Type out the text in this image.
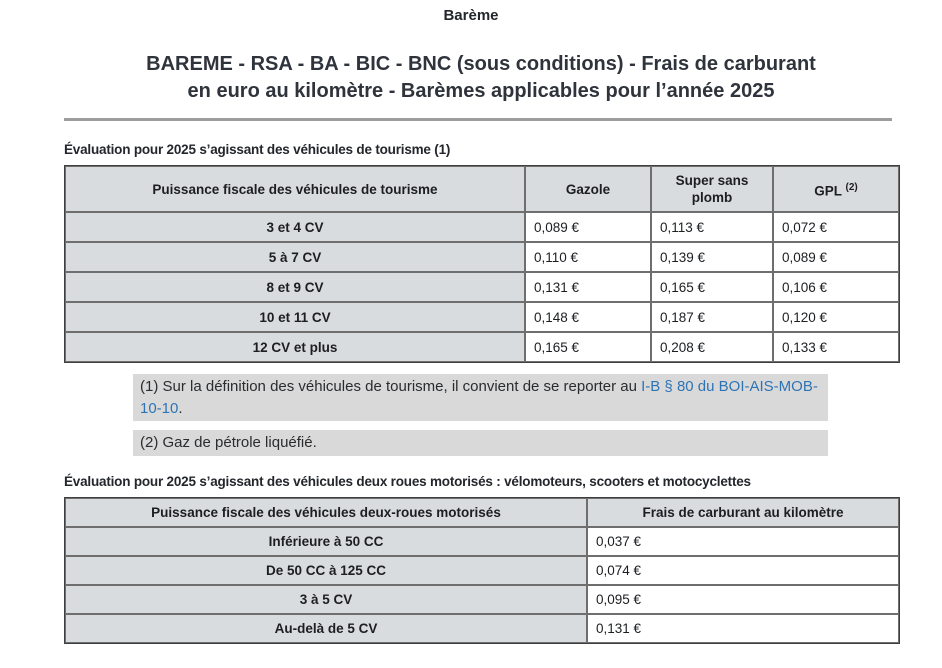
Barème
BAREME - RSA - BA - BIC - BNC (sous conditions) - Frais de carburant
en euro au kilomètre - Barèmes applicables pour l’année 2025
Évaluation pour 2025 s’agissant des véhicules de tourisme (1)
Puissance fiscale des véhicules de tourisme	Gazole	Super sans plomb	GPL $^{(2)}$
3 et 4 CV	0,089 €	0,113 €	0,072 €
5 à 7 CV	0,110 €	0,139 €	0,089 €
8 et 9 CV	0,131 €	0,165 €	0,106 €
10 et 11 CV	0,148 €	0,187 €	0,120 €
12 CV et plus	0,165 €	0,208 €	0,133 €
(1) Sur la définition des véhicules de tourisme, il convient de se reporter au I-B § 80 du BOI-AIS-MOB-10-10.
(2) Gaz de pétrole liquéfié.
Évaluation pour 2025 s’agissant des véhicules deux roues motorisés : vélomoteurs, scooters et motocyclettes
Puissance fiscale des véhicules deux-roues motorisés	Frais de carburant au kilomètre
Inférieure à 50 CC	0,037 €
De 50 CC à 125 CC	0,074 €
3 à 5 CV	0,095 €
Au-delà de 5 CV	0,131 €
